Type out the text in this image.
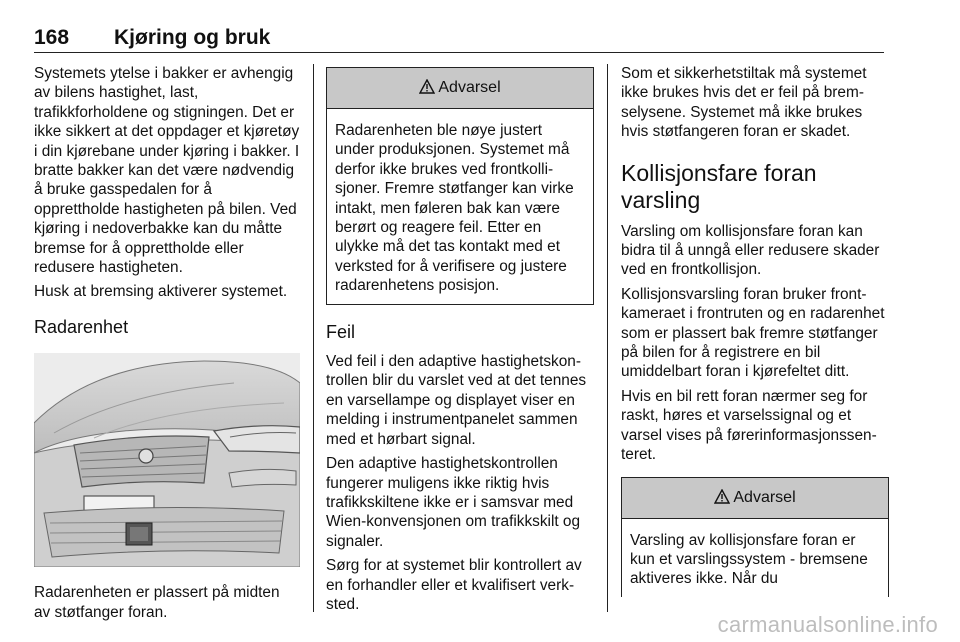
168 Kjøring og bruk

Systemets ytelse i bakker er avhengig av bilens hastighet, last, trafikkforholdene og stigningen. Det er ikke sikkert at det oppdager et kjøretøy i din kjørebane under kjøring i bakker. I bratte bakker kan det være nødvendig å bruke gasspedalen for å opprettholde hastigheten på bilen. Ved kjøring i nedoverbakke kan du måtte bremse for å opprettholde eller redusere hastigheten.

Husk at bremsing aktiverer systemet.

Radarenhet

Radarenheten er plassert på midten av støtfanger foran.

Advarsel

Radarenheten ble nøye justert under produksjonen. Systemet må derfor ikke brukes ved frontkollisjoner. Fremre støtfanger kan virke intakt, men føleren bak kan være berørt og reagere feil. Etter en ulykke må det tas kontakt med et verksted for å verifisere og justere radarenhetens posisjon.

Feil

Ved feil i den adaptive hastighetskontrollen blir du varslet ved at det tennes en varsellampe og displayet viser en melding i instrumentpanelet sammen med et hørbart signal.

Den adaptive hastighetskontrollen fungerer muligens ikke riktig hvis trafikkskiltene ikke er i samsvar med Wien-konvensjonen om trafikkskilt og signaler.

Sørg for at systemet blir kontrollert av en forhandler eller et kvalifisert verksted.

Som et sikkerhetstiltak må systemet ikke brukes hvis det er feil på bremselysene. Systemet må ikke brukes hvis støtfangeren foran er skadet.

Kollisjonsfare foran varsling

Varsling om kollisjonsfare foran kan bidra til å unngå eller redusere skader ved en frontkollisjon.

Kollisjonsvarsling foran bruker frontkameraet i frontruten og en radarenhet som er plassert bak fremre støtfanger på bilen for å registrere en bil umiddelbart foran i kjørefeltet ditt.

Hvis en bil rett foran nærmer seg for raskt, høres et varselssignal og et varsel vises på førerinformasjonssenteret.

Advarsel

Varsling av kollisjonsfare foran er kun et varslingssystem - bremsene aktiveres ikke. Når du

carmanualsonline.info
